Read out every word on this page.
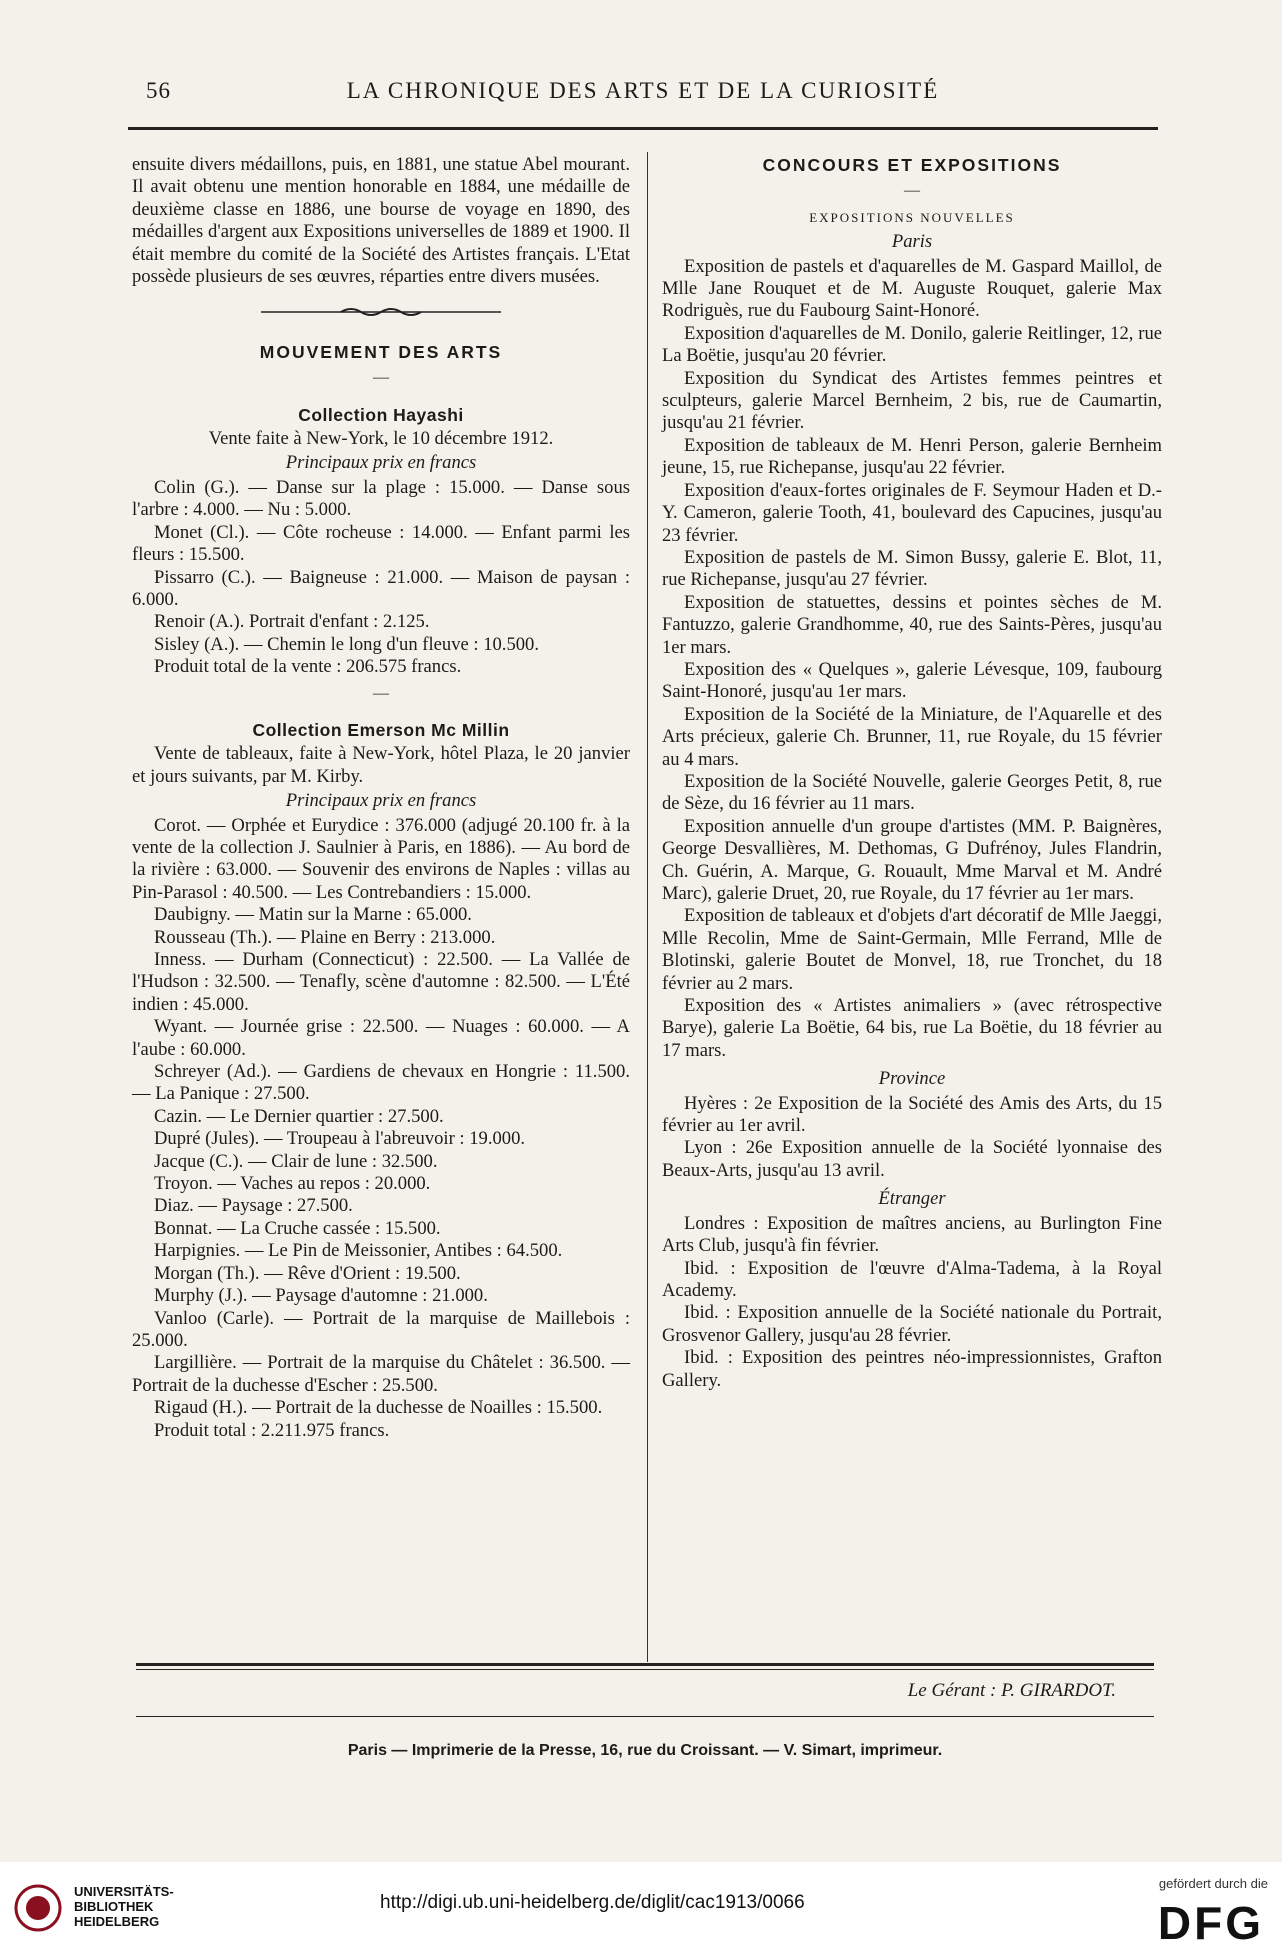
56	LA CHRONIQUE DES ARTS ET DE LA CURIOSITÉ

ensuite divers médaillons, puis, en 1881, une statue Abel mourant. Il avait obtenu une mention honorable en 1884, une médaille de deuxième classe en 1886, une bourse de voyage en 1890, des médailles d'argent aux Expositions universelles de 1889 et 1900. Il était membre du comité de la Société des Artistes français. L'Etat possède plusieurs de ses œuvres, réparties entre divers musées.

MOUVEMENT DES ARTS
—
Collection Hayashi

Vente faite à New-York, le 10 décembre 1912.

Principaux prix en francs

Colin (G.). — Danse sur la plage : 15.000. — Danse sous l'arbre : 4.000. — Nu : 5.000.

Monet (Cl.). — Côte rocheuse : 14.000. — Enfant parmi les fleurs : 15.500.

Pissarro (C.). — Baigneuse : 21.000. — Maison de paysan : 6.000.

Renoir (A.). Portrait d'enfant : 2.125.

Sisley (A.). — Chemin le long d'un fleuve : 10.500.

Produit total de la vente : 206.575 francs.

—
Collection Emerson Mc Millin

Vente de tableaux, faite à New-York, hôtel Plaza, le 20 janvier et jours suivants, par M. Kirby.

Principaux prix en francs

Corot. — Orphée et Eurydice : 376.000 (adjugé 20.100 fr. à la vente de la collection J. Saulnier à Paris, en 1886). — Au bord de la rivière : 63.000. — Souvenir des environs de Naples : villas au Pin-Parasol : 40.500. — Les Contrebandiers : 15.000.

Daubigny. — Matin sur la Marne : 65.000.

Rousseau (Th.). — Plaine en Berry : 213.000.

Inness. — Durham (Connecticut) : 22.500. — La Vallée de l'Hudson : 32.500. — Tenafly, scène d'automne : 82.500. — L'Été indien : 45.000.

Wyant. — Journée grise : 22.500. — Nuages : 60.000. — A l'aube : 60.000.

Schreyer (Ad.). — Gardiens de chevaux en Hongrie : 11.500. — La Panique : 27.500.

Cazin. — Le Dernier quartier : 27.500.

Dupré (Jules). — Troupeau à l'abreuvoir : 19.000.

Jacque (C.). — Clair de lune : 32.500.

Troyon. — Vaches au repos : 20.000.

Diaz. — Paysage : 27.500.

Bonnat. — La Cruche cassée : 15.500.

Harpignies. — Le Pin de Meissonier, Antibes : 64.500.

Morgan (Th.). — Rêve d'Orient : 19.500.

Murphy (J.). — Paysage d'automne : 21.000.

Vanloo (Carle). — Portrait de la marquise de Maillebois : 25.000.

Largillière. — Portrait de la marquise du Châtelet : 36.500. — Portrait de la duchesse d'Escher : 25.500.

Rigaud (H.). — Portrait de la duchesse de Noailles : 15.500.

Produit total : 2.211.975 francs.

CONCOURS ET EXPOSITIONS
—
EXPOSITIONS NOUVELLES

Paris

Exposition de pastels et d'aquarelles de M. Gaspard Maillol, de Mlle Jane Rouquet et de M. Auguste Rouquet, galerie Max Rodriguès, rue du Faubourg Saint-Honoré.

Exposition d'aquarelles de M. Donilo, galerie Reitlinger, 12, rue La Boëtie, jusqu'au 20 février.

Exposition du Syndicat des Artistes femmes peintres et sculpteurs, galerie Marcel Bernheim, 2 bis, rue de Caumartin, jusqu'au 21 février.

Exposition de tableaux de M. Henri Person, galerie Bernheim jeune, 15, rue Richepanse, jusqu'au 22 février.

Exposition d'eaux-fortes originales de F. Seymour Haden et D.-Y. Cameron, galerie Tooth, 41, boulevard des Capucines, jusqu'au 23 février.

Exposition de pastels de M. Simon Bussy, galerie E. Blot, 11, rue Richepanse, jusqu'au 27 février.

Exposition de statuettes, dessins et pointes sèches de M. Fantuzzo, galerie Grandhomme, 40, rue des Saints-Pères, jusqu'au 1er mars.

Exposition des « Quelques », galerie Lévesque, 109, faubourg Saint-Honoré, jusqu'au 1er mars.

Exposition de la Société de la Miniature, de l'Aquarelle et des Arts précieux, galerie Ch. Brunner, 11, rue Royale, du 15 février au 4 mars.

Exposition de la Société Nouvelle, galerie Georges Petit, 8, rue de Sèze, du 16 février au 11 mars.

Exposition annuelle d'un groupe d'artistes (MM. P. Baignères, George Desvallières, M. Dethomas, G Dufrénoy, Jules Flandrin, Ch. Guérin, A. Marque, G. Rouault, Mme Marval et M. André Marc), galerie Druet, 20, rue Royale, du 17 février au 1er mars.

Exposition de tableaux et d'objets d'art décoratif de Mlle Jaeggi, Mlle Recolin, Mme de Saint-Germain, Mlle Ferrand, Mlle de Blotinski, galerie Boutet de Monvel, 18, rue Tronchet, du 18 février au 2 mars.

Exposition des « Artistes animaliers » (avec rétrospective Barye), galerie La Boëtie, 64 bis, rue La Boëtie, du 18 février au 17 mars.

Province

Hyères : 2e Exposition de la Société des Amis des Arts, du 15 février au 1er avril.

Lyon : 26e Exposition annuelle de la Société lyonnaise des Beaux-Arts, jusqu'au 13 avril.

Étranger

Londres : Exposition de maîtres anciens, au Burlington Fine Arts Club, jusqu'à fin février.

Ibid. : Exposition de l'œuvre d'Alma-Tadema, à la Royal Academy.

Ibid. : Exposition annuelle de la Société nationale du Portrait, Grosvenor Gallery, jusqu'au 28 février.

Ibid. : Exposition des peintres néo-impressionnistes, Grafton Gallery.

Le Gérant : P. GIRARDOT.
Paris — Imprimerie de la Presse, 16, rue du Croissant. — V. Simart, imprimeur.
UNIVERSITÄTS-
BIBLIOTHEK
HEIDELBERG
http://digi.ub.uni-heidelberg.de/diglit/cac1913/0066
gefördert durch die
DFG
